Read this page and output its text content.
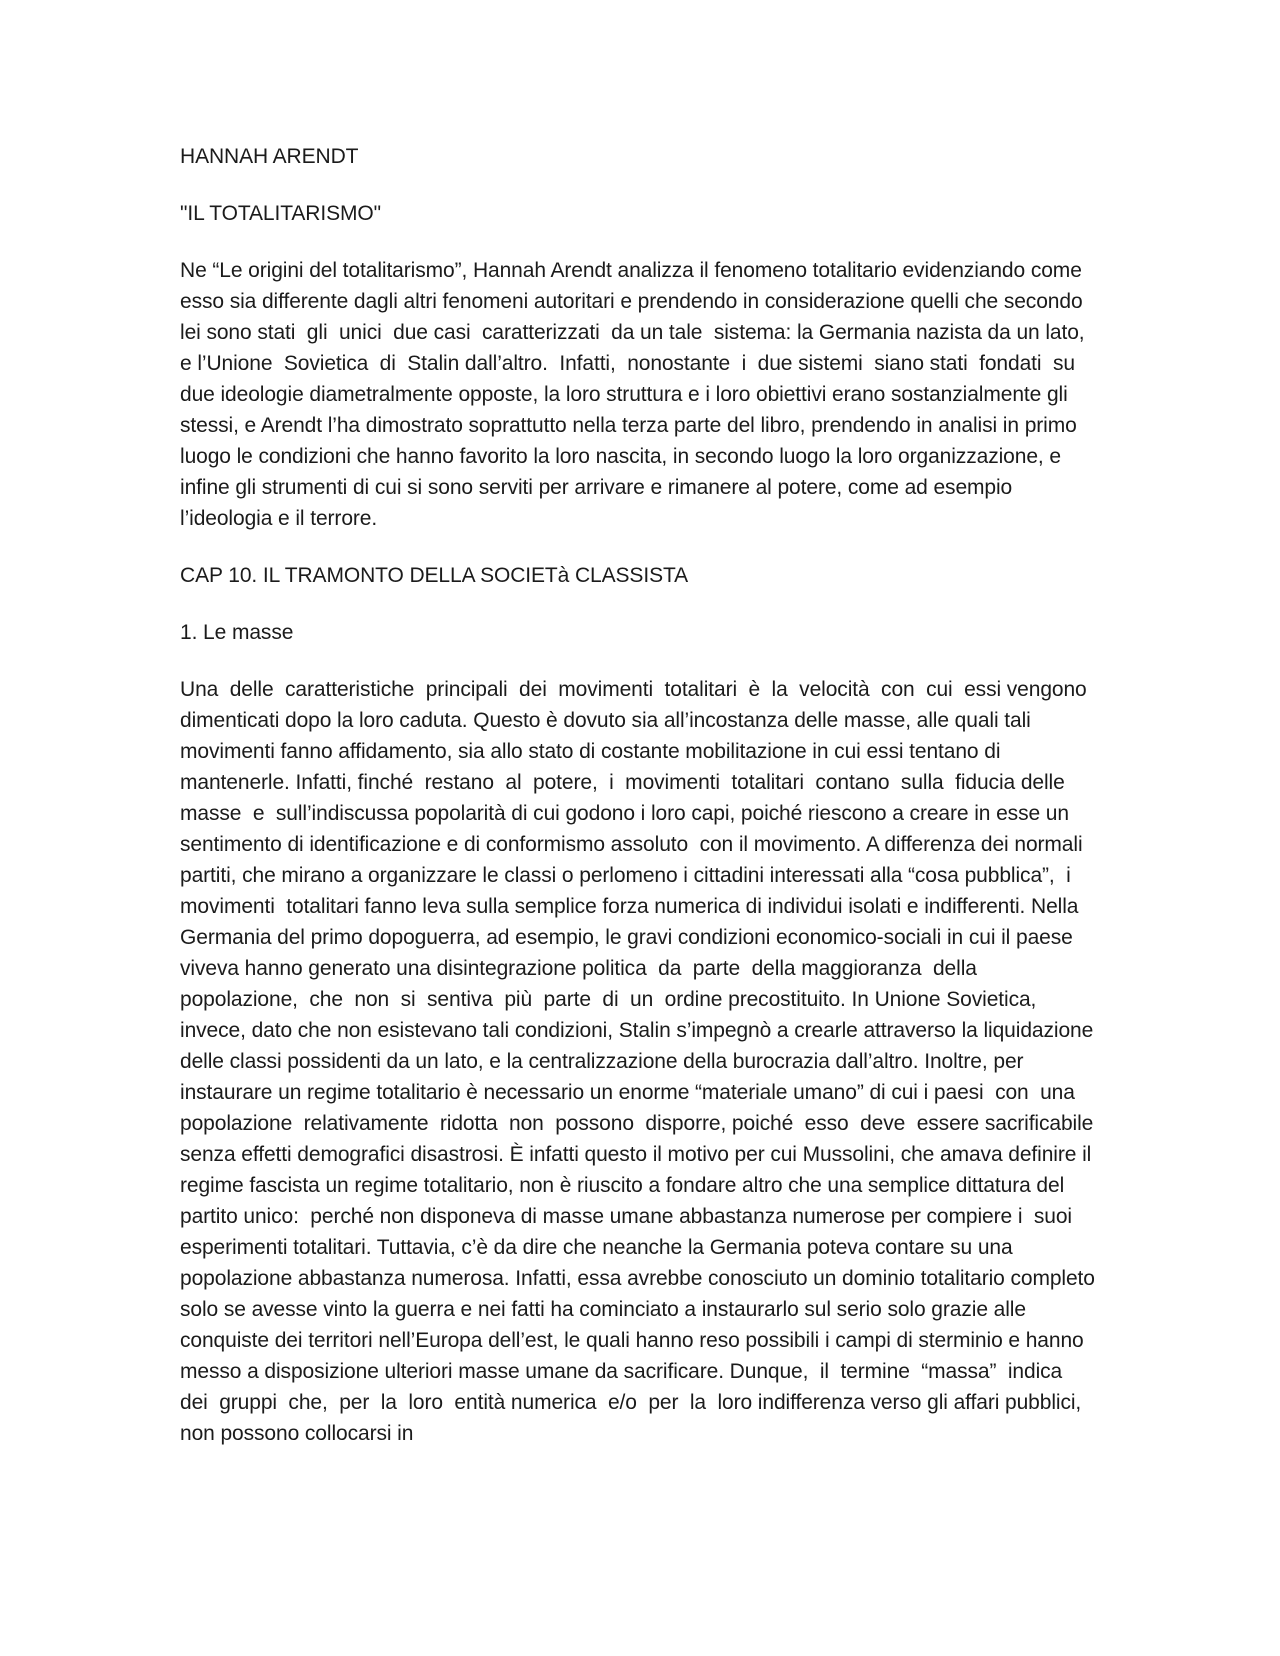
HANNAH ARENDT

"IL TOTALITARISMO"

Ne “Le origini del totalitarismo”, Hannah Arendt analizza il fenomeno totalitario evidenziando come esso sia differente dagli altri fenomeni autoritari e prendendo in considerazione quelli che secondo lei sono stati  gli  unici  due casi  caratterizzati  da un tale  sistema: la Germania nazista da un lato,  e l’Unione  Sovietica  di  Stalin dall’altro.  Infatti,  nonostante  i  due sistemi  siano stati  fondati  su  due ideologie diametralmente opposte, la loro struttura e i loro obiettivi erano sostanzialmente gli stessi, e Arendt l’ha dimostrato soprattutto nella terza parte del libro, prendendo in analisi in primo luogo le condizioni che hanno favorito la loro nascita, in secondo luogo la loro organizzazione, e infine gli strumenti di cui si sono serviti per arrivare e rimanere al potere, come ad esempio l’ideologia e il terrore.

CAP 10. IL TRAMONTO DELLA SOCIETà CLASSISTA

1. Le masse

Una  delle  caratteristiche  principali  dei  movimenti  totalitari  è  la  velocità  con  cui  essi vengono dimenticati dopo la loro caduta. Questo è dovuto sia all’incostanza delle masse, alle quali tali movimenti fanno affidamento, sia allo stato di costante mobilitazione in cui essi tentano di mantenerle. Infatti, finché  restano  al  potere,  i  movimenti  totalitari  contano  sulla  fiducia delle  masse  e  sull’indiscussa popolarità di cui godono i loro capi, poiché riescono a creare in esse un sentimento di identificazione e di conformismo assoluto  con il movimento. A differenza dei normali partiti, che mirano a organizzare le classi o perlomeno i cittadini interessati alla “cosa pubblica”,  i  movimenti  totalitari fanno leva sulla semplice forza numerica di individui isolati e indifferenti. Nella Germania del primo dopoguerra, ad esempio, le gravi condizioni economico-sociali in cui il paese viveva hanno generato una disintegrazione politica  da  parte  della maggioranza  della  popolazione,  che  non  si  sentiva  più  parte  di  un  ordine precostituito. In Unione Sovietica, invece, dato che non esistevano tali condizioni, Stalin s’impegnò a crearle attraverso la liquidazione delle classi possidenti da un lato, e la centralizzazione della burocrazia dall’altro. Inoltre, per instaurare un regime totalitario è necessario un enorme “materiale umano” di cui i paesi  con  una  popolazione  relativamente  ridotta  non  possono  disporre, poiché  esso  deve  essere sacrificabile senza effetti demografici disastrosi. È infatti questo il motivo per cui Mussolini, che amava definire il regime fascista un regime totalitario, non è riuscito a fondare altro che una semplice dittatura del partito unico:  perché non disponeva di masse umane abbastanza numerose per compiere i  suoi esperimenti totalitari. Tuttavia, c’è da dire che neanche la Germania poteva contare su una popolazione abbastanza numerosa. Infatti, essa avrebbe conosciuto un dominio totalitario completo solo se avesse vinto la guerra e nei fatti ha cominciato a instaurarlo sul serio solo grazie alle conquiste dei territori nell’Europa dell’est, le quali hanno reso possibili i campi di sterminio e hanno messo a disposizione ulteriori masse umane da sacrificare. Dunque,  il  termine  “massa”  indica  dei  gruppi  che,  per  la  loro  entità numerica  e/o  per  la  loro indifferenza verso gli affari pubblici, non possono collocarsi in
